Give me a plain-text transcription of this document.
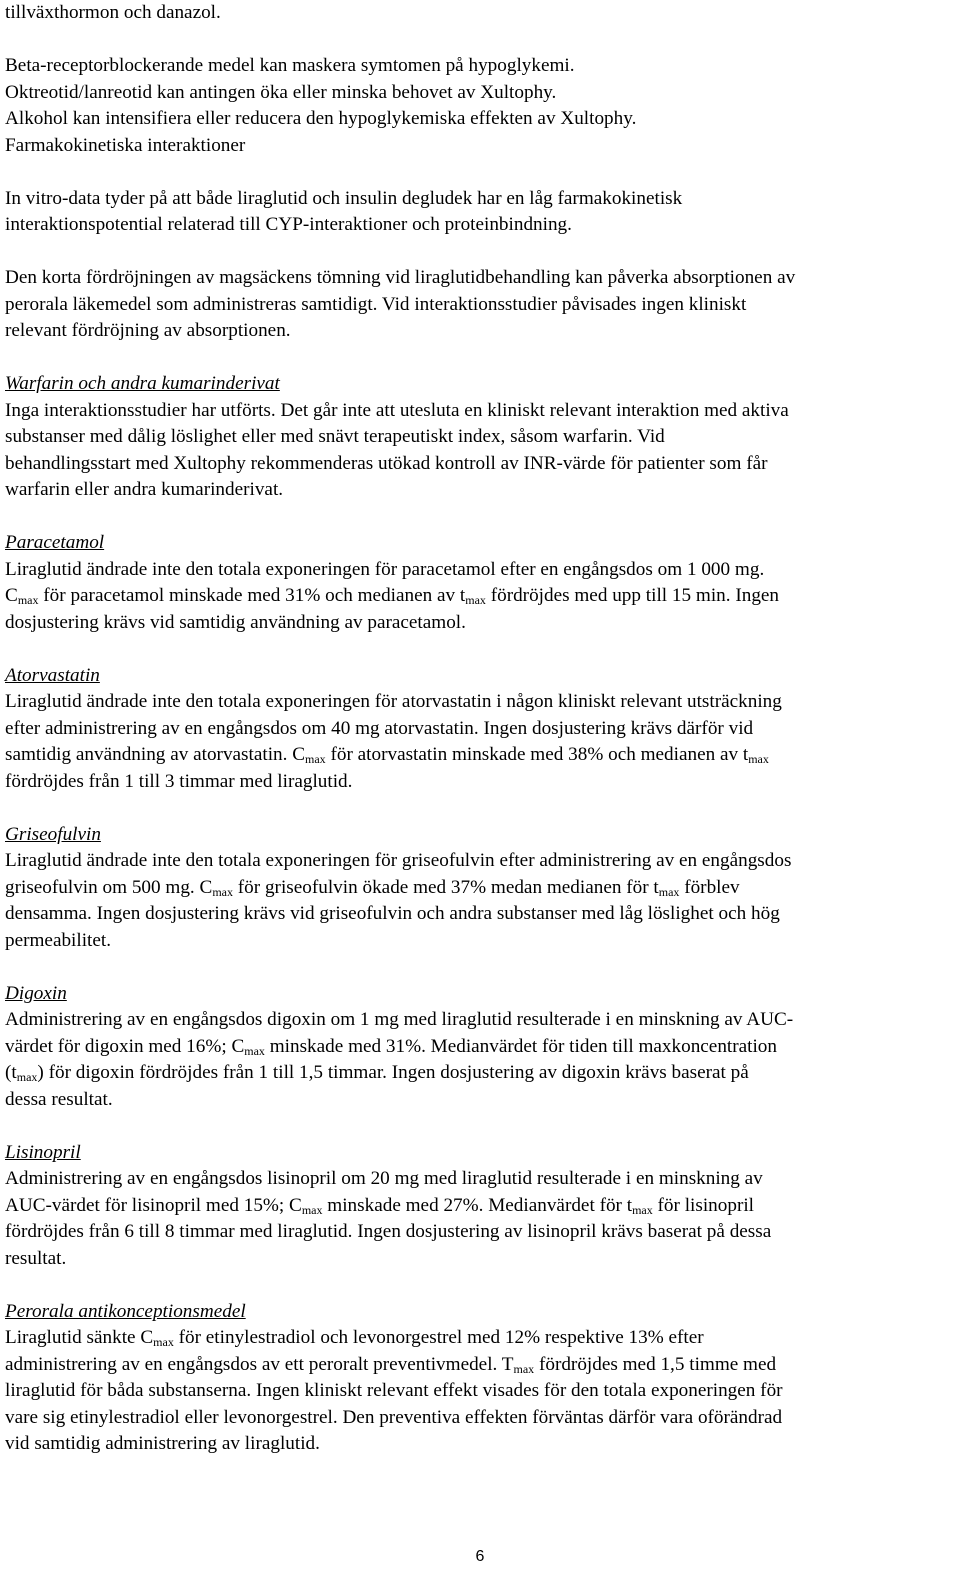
tillväxthormon och danazol.
Beta-receptorblockerande medel kan maskera symtomen på hypoglykemi.
Oktreotid/lanreotid kan antingen öka eller minska behovet av Xultophy.
Alkohol kan intensifiera eller reducera den hypoglykemiska effekten av Xultophy.
Farmakokinetiska interaktioner
In vitro-data tyder på att både liraglutid och insulin degludek har en låg farmakokinetisk
interaktionspotential relaterad till CYP-interaktioner och proteinbindning.
Den korta fördröjningen av magsäckens tömning vid liraglutidbehandling kan påverka absorptionen av
perorala läkemedel som administreras samtidigt. Vid interaktionsstudier påvisades ingen kliniskt
relevant fördröjning av absorptionen.
Warfarin och andra kumarinderivat
Inga interaktionsstudier har utförts. Det går inte att utesluta en kliniskt relevant interaktion med aktiva
substanser med dålig löslighet eller med snävt terapeutiskt index, såsom warfarin. Vid
behandlingsstart med Xultophy rekommenderas utökad kontroll av INR-värde för patienter som får
warfarin eller andra kumarinderivat.
Paracetamol
Liraglutid ändrade inte den totala exponeringen för paracetamol efter en engångsdos om 1 000 mg.
$C_{max}$ för paracetamol minskade med 31% och medianen av $t_{max}$ fördröjdes med upp till 15 min. Ingen
dosjustering krävs vid samtidig användning av paracetamol.
Atorvastatin
Liraglutid ändrade inte den totala exponeringen för atorvastatin i någon kliniskt relevant utsträckning
efter administrering av en engångsdos om 40 mg atorvastatin. Ingen dosjustering krävs därför vid
samtidig användning av atorvastatin. $C_{max}$ för atorvastatin minskade med 38% och medianen av $t_{max}$
fördröjdes från 1 till 3 timmar med liraglutid.
Griseofulvin
Liraglutid ändrade inte den totala exponeringen för griseofulvin efter administrering av en engångsdos
griseofulvin om 500 mg. $C_{max}$ för griseofulvin ökade med 37% medan medianen för $t_{max}$ förblev
densamma. Ingen dosjustering krävs vid griseofulvin och andra substanser med låg löslighet och hög
permeabilitet.
Digoxin
Administrering av en engångsdos digoxin om 1 mg med liraglutid resulterade i en minskning av AUC-
värdet för digoxin med 16%; $C_{max}$ minskade med 31%. Medianvärdet för tiden till maxkoncentration
$(t_{max})$ för digoxin fördröjdes från 1 till 1,5 timmar. Ingen dosjustering av digoxin krävs baserat på
dessa resultat.
Lisinopril
Administrering av en engångsdos lisinopril om 20 mg med liraglutid resulterade i en minskning av
AUC-värdet för lisinopril med 15%; $C_{max}$ minskade med 27%. Medianvärdet för $t_{max}$ för lisinopril
fördröjdes från 6 till 8 timmar med liraglutid. Ingen dosjustering av lisinopril krävs baserat på dessa
resultat.
Perorala antikonceptionsmedel
Liraglutid sänkte $C_{max}$ för etinylestradiol och levonorgestrel med 12% respektive 13% efter
administrering av en engångsdos av ett peroralt preventivmedel. $T_{max}$ fördröjdes med 1,5 timme med
liraglutid för båda substanserna. Ingen kliniskt relevant effekt visades för den totala exponeringen för
vare sig etinylestradiol eller levonorgestrel. Den preventiva effekten förväntas därför vara oförändrad
vid samtidig administrering av liraglutid.
6
